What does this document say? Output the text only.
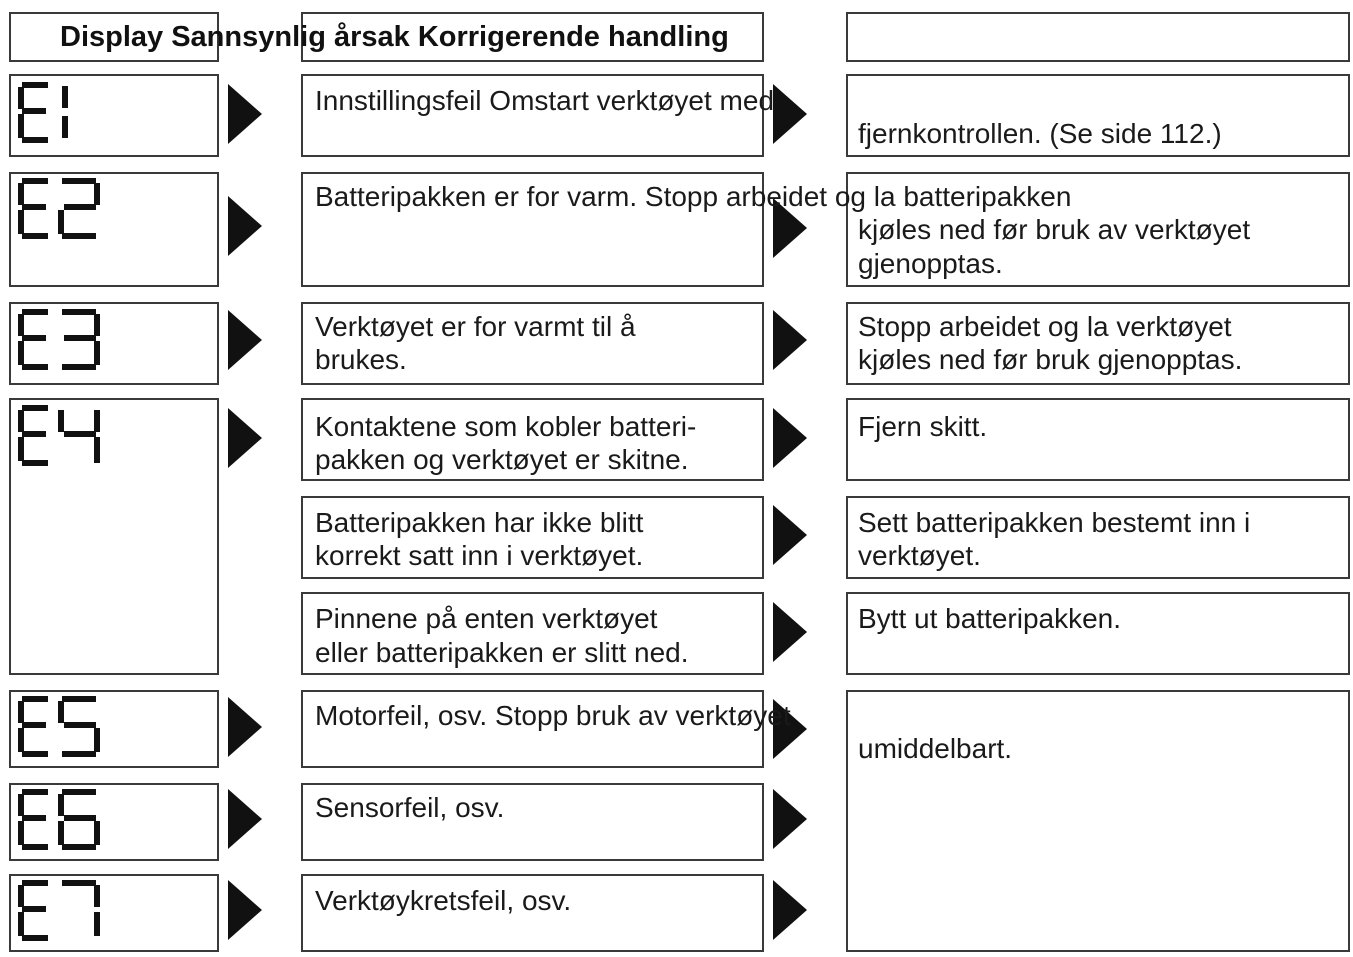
Display Sannsynlig årsak Korrigerende handling
Innstillingsfeil Omstart verktøyet med
fjernkontrollen. (Se side 112.)
Batteripakken er for varm. Stopp arbeidet og la batteripakken
kjøles ned før bruk av verktøyet
gjenopptas.
Verktøyet er for varmt til å
brukes.
Stopp arbeidet og la verktøyet
kjøles ned før bruk gjenopptas.
Kontaktene som kobler batteri-
pakken og verktøyet er skitne.
Fjern skitt.
Batteripakken har ikke blitt
korrekt satt inn i verktøyet.
Sett batteripakken bestemt inn i
verktøyet.
Pinnene på enten verktøyet
eller batteripakken er slitt ned.
Bytt ut batteripakken.
Motorfeil, osv. Stopp bruk av verktøyet
umiddelbart.
Sensorfeil, osv.
Verktøykretsfeil, osv.
